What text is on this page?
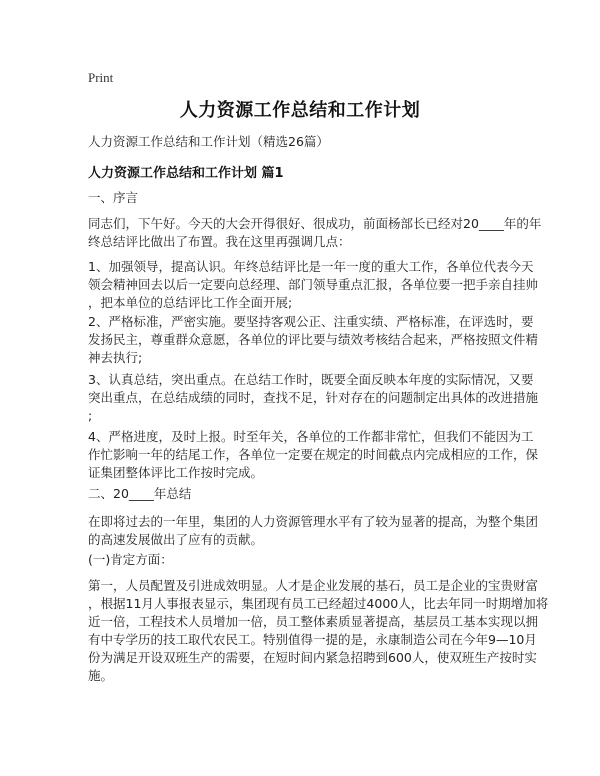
Print
人力资源工作总结和工作计划
人力资源工作总结和工作计划（精选26篇）
人力资源工作总结和工作计划 篇1
一、序言
同志们，下午好。今天的大会开得很好、很成功，前面杨部长已经对20____年的年
终总结评比做出了布置。我在这里再强调几点：
1、加强领导，提高认识。年终总结评比是一年一度的重大工作，各单位代表今天
领会精神回去以后一定要向总经理、部门领导重点汇报，各单位要一把手亲自挂帅
，把本单位的总结评比工作全面开展;
2、严格标准，严密实施。要坚持客观公正、注重实绩、严格标准，在评选时，要
发扬民主，尊重群众意愿，各单位的评比要与绩效考核结合起来，严格按照文件精
神去执行;
3、认真总结，突出重点。在总结工作时，既要全面反映本年度的实际情况，又要
突出重点，在总结成绩的同时，查找不足，针对存在的问题制定出具体的改进措施
;
4、严格进度，及时上报。时至年关，各单位的工作都非常忙，但我们不能因为工
作忙影响一年的结尾工作，各单位一定要在规定的时间截点内完成相应的工作，保
证集团整体评比工作按时完成。
二、20____年总结
在即将过去的一年里，集团的人力资源管理水平有了较为显著的提高，为整个集团
的高速发展做出了应有的贡献。
(一)肯定方面：
第一，人员配置及引进成效明显。人才是企业发展的基石，员工是企业的宝贵财富
，根据11月人事报表显示，集团现有员工已经超过4000人，比去年同一时期增加将
近一倍，工程技术人员增加一倍，员工整体素质显著提高，基层员工基本实现以拥
有中专学历的技工取代农民工。特别值得一提的是，永康制造公司在今年9—10月
份为满足开设双班生产的需要，在短时间内紧急招聘到600人，使双班生产按时实
施。
